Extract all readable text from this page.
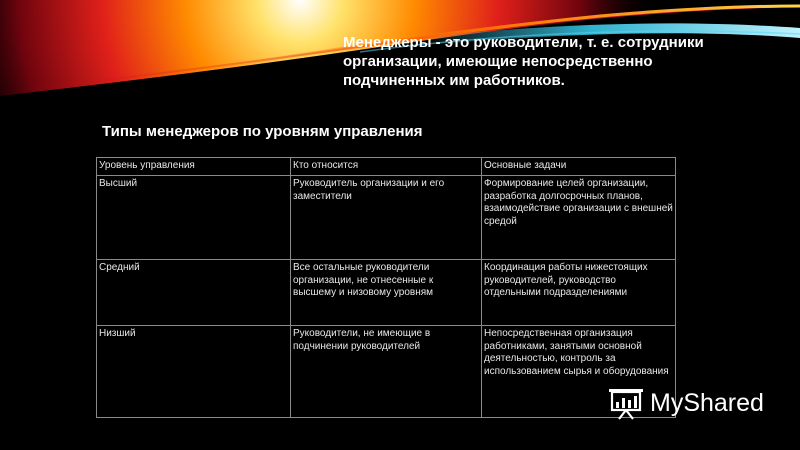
Менеджеры - это руководители, т. е. сотрудники
организации, имеющие непосредственно
подчиненных им работников.
Типы менеджеров по уровням управления
Уровень управления	Кто относится	Основные задачи
Высший	Руководитель организации и его заместители	Формирование целей организации, разработка долгосрочных планов, взаимодействие организации с внешней средой
Средний	Все остальные руководители организации, не отнесенные к высшему и низовому уровням	Координация работы нижестоящих руководителей, руководство отдельными подразделениями
Низший	Руководители, не имеющие в подчинении руководителей	Непосредственная организация работниками, занятыми основной деятельностью, контроль за использованием сырья и оборудования
MyShared
